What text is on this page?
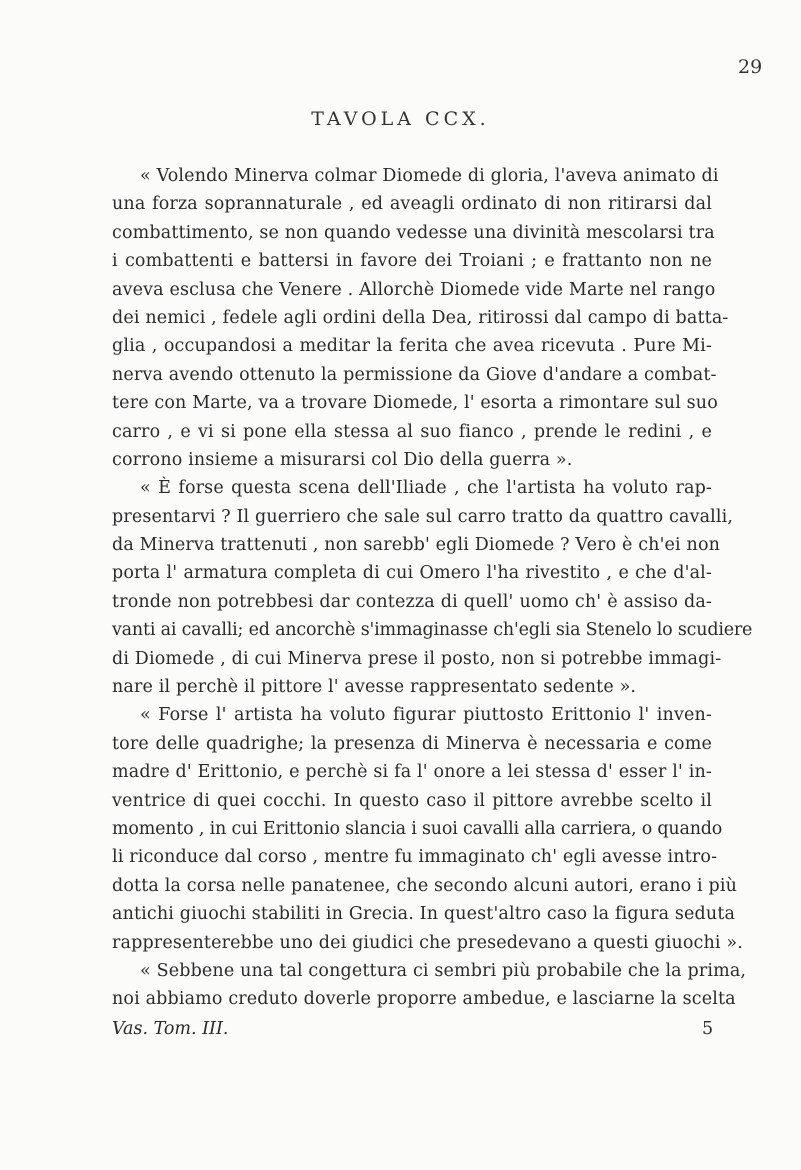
29
TAVOLA CCX.
« Volendo Minerva colmar Diomede di gloria, l'aveva animato di
una forza soprannaturale , ed aveagli ordinato di non ritirarsi dal
combattimento, se non quando vedesse una divinità mescolarsi tra
i combattenti e battersi in favore dei Troiani ; e frattanto non ne
aveva esclusa che Venere . Allorchè Diomede vide Marte nel rango
dei nemici , fedele agli ordini della Dea, ritirossi dal campo di batta-
glia , occupandosi a meditar la ferita che avea ricevuta . Pure Mi-
nerva avendo ottenuto la permissione da Giove d'andare a combat-
tere con Marte, va a trovare Diomede, l' esorta a rimontare sul suo
carro , e vi si pone ella stessa al suo fianco , prende le redini , e
corrono insieme a misurarsi col Dio della guerra ».
« È forse questa scena dell'Iliade , che l'artista ha voluto rap-
presentarvi ? Il guerriero che sale sul carro tratto da quattro cavalli,
da Minerva trattenuti , non sarebb' egli Diomede ? Vero è ch'ei non
porta l' armatura completa di cui Omero l'ha rivestito , e che d'al-
tronde non potrebbesi dar contezza di quell' uomo ch' è assiso da-
vanti ai cavalli; ed ancorchè s'immaginasse ch'egli sia Stenelo lo scudiere
di Diomede , di cui Minerva prese il posto, non si potrebbe immagi-
nare il perchè il pittore l' avesse rappresentato sedente ».
« Forse l' artista ha voluto figurar piuttosto Erittonio l' inven-
tore delle quadrighe; la presenza di Minerva è necessaria e come
madre d' Erittonio, e perchè si fa l' onore a lei stessa d' esser l' in-
ventrice di quei cocchi. In questo caso il pittore avrebbe scelto il
momento , in cui Erittonio slancia i suoi cavalli alla carriera, o quando
li riconduce dal corso , mentre fu immaginato ch' egli avesse intro-
dotta la corsa nelle panatenee, che secondo alcuni autori, erano i più
antichi giuochi stabiliti in Grecia. In quest'altro caso la figura seduta
rappresenterebbe uno dei giudici che presedevano a questi giuochi ».
« Sebbene una tal congettura ci sembri più probabile che la prima,
noi abbiamo creduto doverle proporre ambedue, e lasciarne la scelta
Vas. Tom. III.	5
